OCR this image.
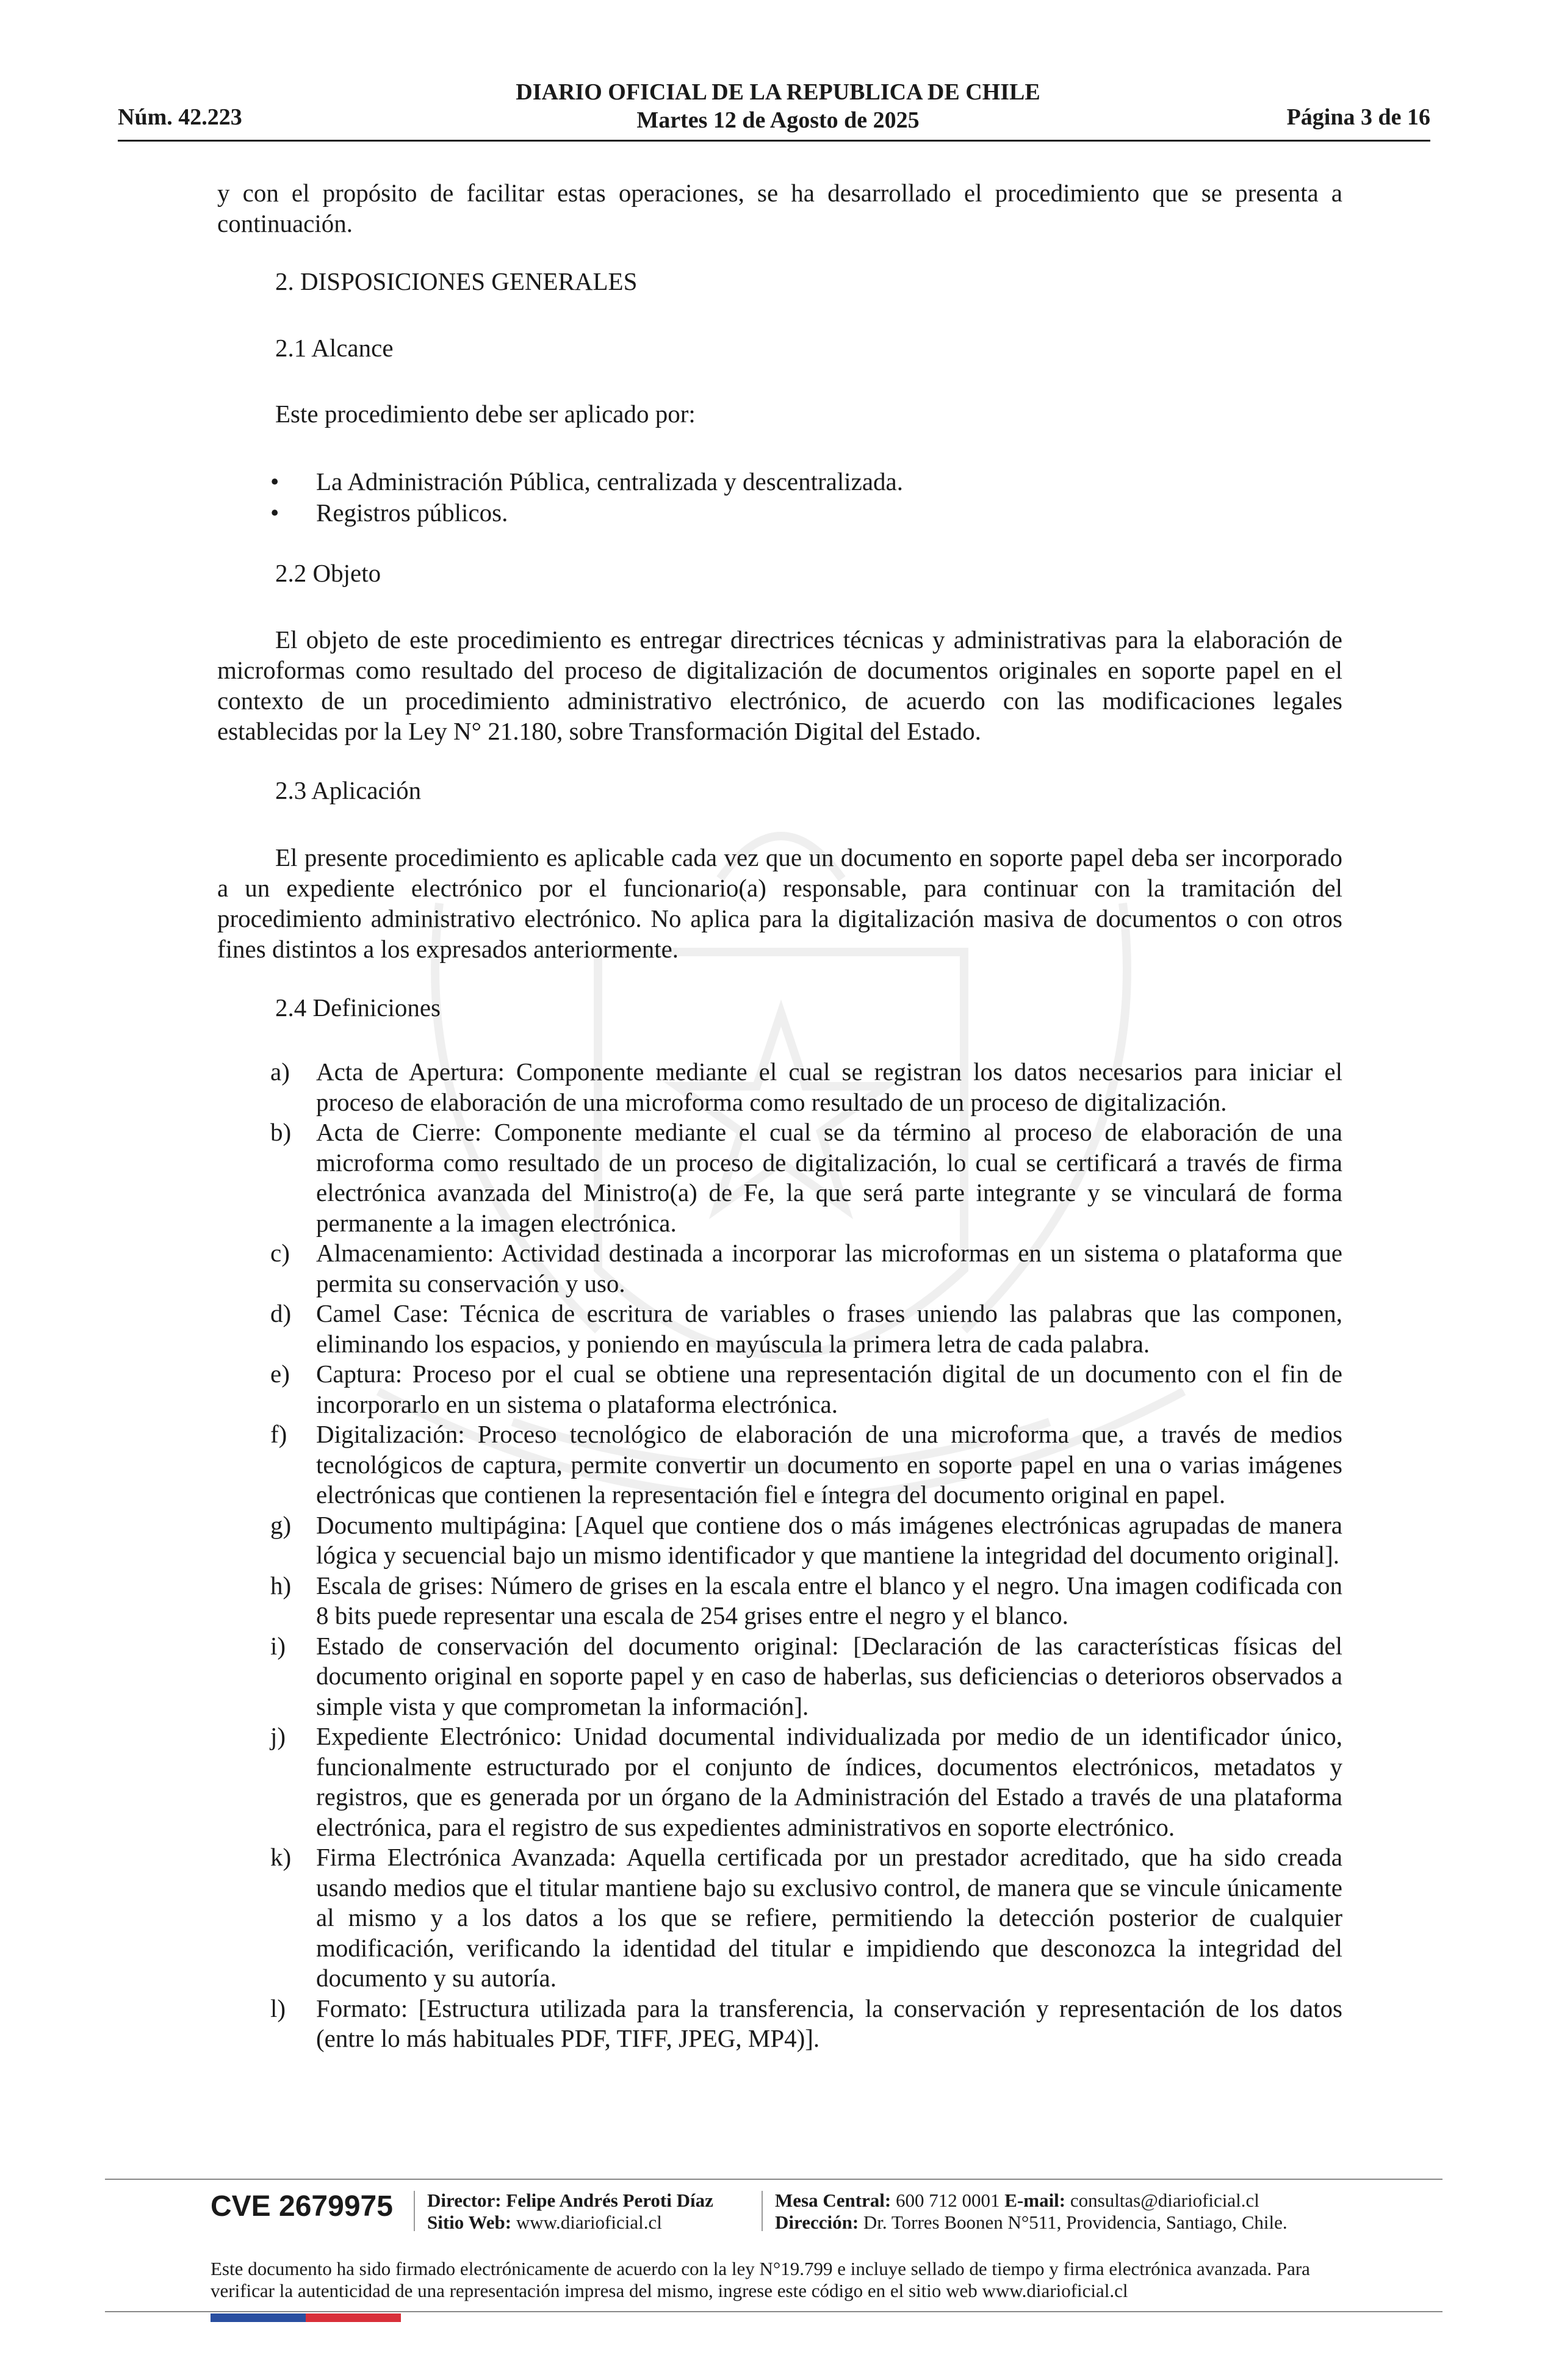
DIARIO OFICIAL DE LA REPUBLICA DE CHILE
Martes 12 de Agosto de 2025
Núm. 42.223	Página 3 de 16

y con el propósito de facilitar estas operaciones, se ha desarrollado el procedimiento que se presenta a continuación.

2. DISPOSICIONES GENERALES
2.1 Alcance
Este procedimiento debe ser aplicado por:
• La Administración Pública, centralizada y descentralizada.
• Registros públicos.
2.2 Objeto

El objeto de este procedimiento es entregar directrices técnicas y administrativas para la elaboración de microformas como resultado del proceso de digitalización de documentos originales en soporte papel en el contexto de un procedimiento administrativo electrónico, de acuerdo con las modificaciones legales establecidas por la Ley N° 21.180, sobre Transformación Digital del Estado.

2.3 Aplicación

El presente procedimiento es aplicable cada vez que un documento en soporte papel deba ser incorporado a un expediente electrónico por el funcionario(a) responsable, para continuar con la tramitación del procedimiento administrativo electrónico. No aplica para la digitalización masiva de documentos o con otros fines distintos a los expresados anteriormente.

2.4 Definiciones
a)	Acta de Apertura: Componente mediante el cual se registran los datos necesarios para iniciar el proceso de elaboración de una microforma como resultado de un proceso de digitalización.
b) Acta de Cierre: Componente mediante el cual se da término al proceso de elaboración de una microforma como resultado de un proceso de digitalización, lo cual se certificará a través de firma electrónica avanzada del Ministro(a) de Fe, la que será parte integrante y se vinculará de forma permanente a la imagen electrónica.
c)	Almacenamiento: Actividad destinada a incorporar las microformas en un sistema o plataforma que permita su conservación y uso.
d) Camel Case: Técnica de escritura de variables o frases uniendo las palabras que las componen, eliminando los espacios, y poniendo en mayúscula la primera letra de cada palabra.
e)	Captura: Proceso por el cual se obtiene una representación digital de un documento con el fin de incorporarlo en un sistema o plataforma electrónica.
f)	Digitalización: Proceso tecnológico de elaboración de una microforma que, a través de medios tecnológicos de captura, permite convertir un documento en soporte papel en una o varias imágenes electrónicas que contienen la representación fiel e íntegra del documento original en papel.
g) Documento multipágina: [Aquel que contiene dos o más imágenes electrónicas agrupadas de manera lógica y secuencial bajo un mismo identificador y que mantiene la integridad del documento original].
h) Escala de grises: Número de grises en la escala entre el blanco y el negro. Una imagen codificada con 8 bits puede representar una escala de 254 grises entre el negro y el blanco.
i)	Estado de conservación del documento original: [Declaración de las características físicas del documento original en soporte papel y en caso de haberlas, sus deficiencias o deterioros observados a simple vista y que comprometan la información].
j)	Expediente Electrónico: Unidad documental individualizada por medio de un identificador único, funcionalmente estructurado por el conjunto de índices, documentos electrónicos, metadatos y registros, que es generada por un órgano de la Administración del Estado a través de una plataforma electrónica, para el registro de sus expedientes administrativos en soporte electrónico.
k) Firma Electrónica Avanzada: Aquella certificada por un prestador acreditado, que ha sido creada usando medios que el titular mantiene bajo su exclusivo control, de manera que se vincule únicamente al mismo y a los datos a los que se refiere, permitiendo la detección posterior de cualquier modificación, verificando la identidad del titular e impidiendo que desconozca la integridad del documento y su autoría.
l)	Formato: [Estructura utilizada para la transferencia, la conservación y representación de los datos (entre lo más habituales PDF, TIFF, JPEG, MP4)].
CVE 2679975 Director: Felipe Andrés Peroti Díaz
Sitio Web: www.diarioficial.cl
Mesa Central: 600 712 0001 E-mail: consultas@diarioficial.cl
Dirección: Dr. Torres Boonen N°511, Providencia, Santiago, Chile.
Este documento ha sido firmado electrónicamente de acuerdo con la ley N°19.799 e incluye sellado de tiempo y firma electrónica avanzada. Para verificar la autenticidad de una representación impresa del mismo, ingrese este código en el sitio web www.diarioficial.cl
